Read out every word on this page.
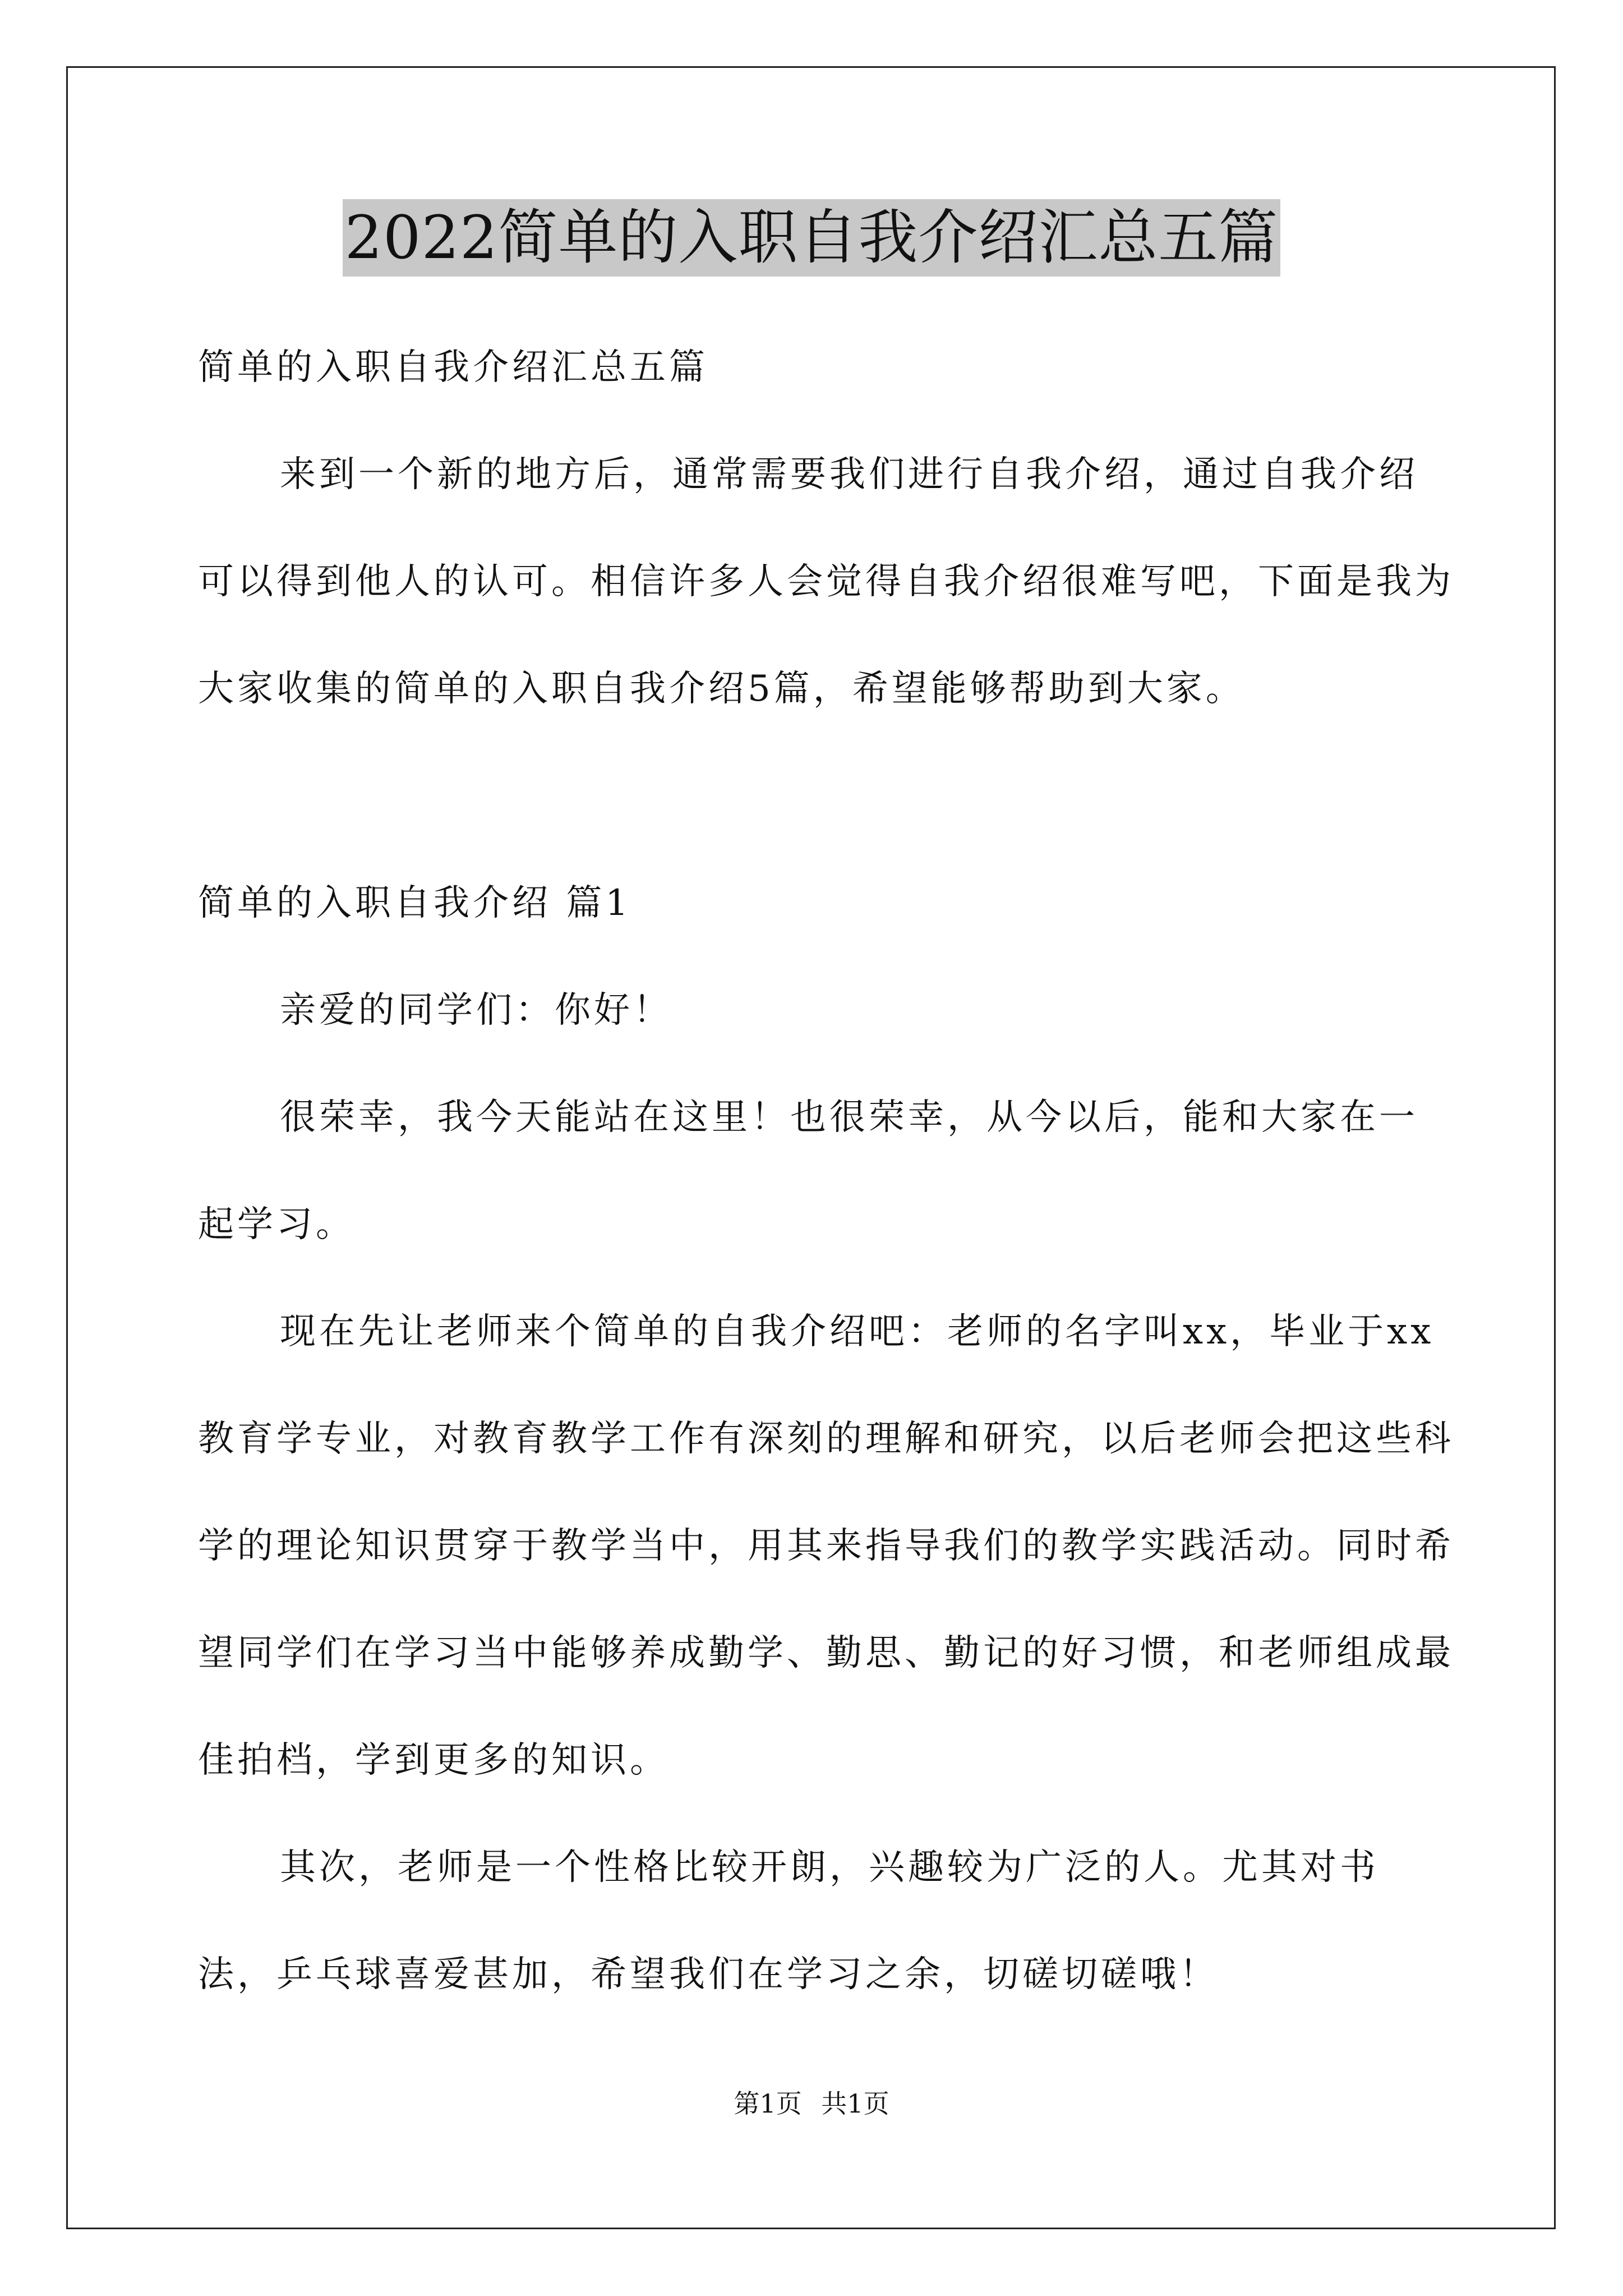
2022简单的入职自我介绍汇总五篇

简单的入职自我介绍汇总五篇

来到一个新的地方后，通常需要我们进行自我介绍，通过自我介绍可以得到他人的认可。相信许多人会觉得自我介绍很难写吧，下面是我为大家收集的简单的入职自我介绍5篇，希望能够帮助到大家。

简单的入职自我介绍 篇1

亲爱的同学们：你好！

很荣幸，我今天能站在这里！也很荣幸，从今以后，能和大家在一起学习。

现在先让老师来个简单的自我介绍吧：老师的名字叫xx，毕业于xx教育学专业，对教育教学工作有深刻的理解和研究，以后老师会把这些科学的理论知识贯穿于教学当中，用其来指导我们的教学实践活动。同时希望同学们在学习当中能够养成勤学、勤思、勤记的好习惯，和老师组成最佳拍档，学到更多的知识。

其次，老师是一个性格比较开朗，兴趣较为广泛的人。尤其对书法，乒乓球喜爱甚加，希望我们在学习之余，切磋切磋哦！

第1页 共1页
